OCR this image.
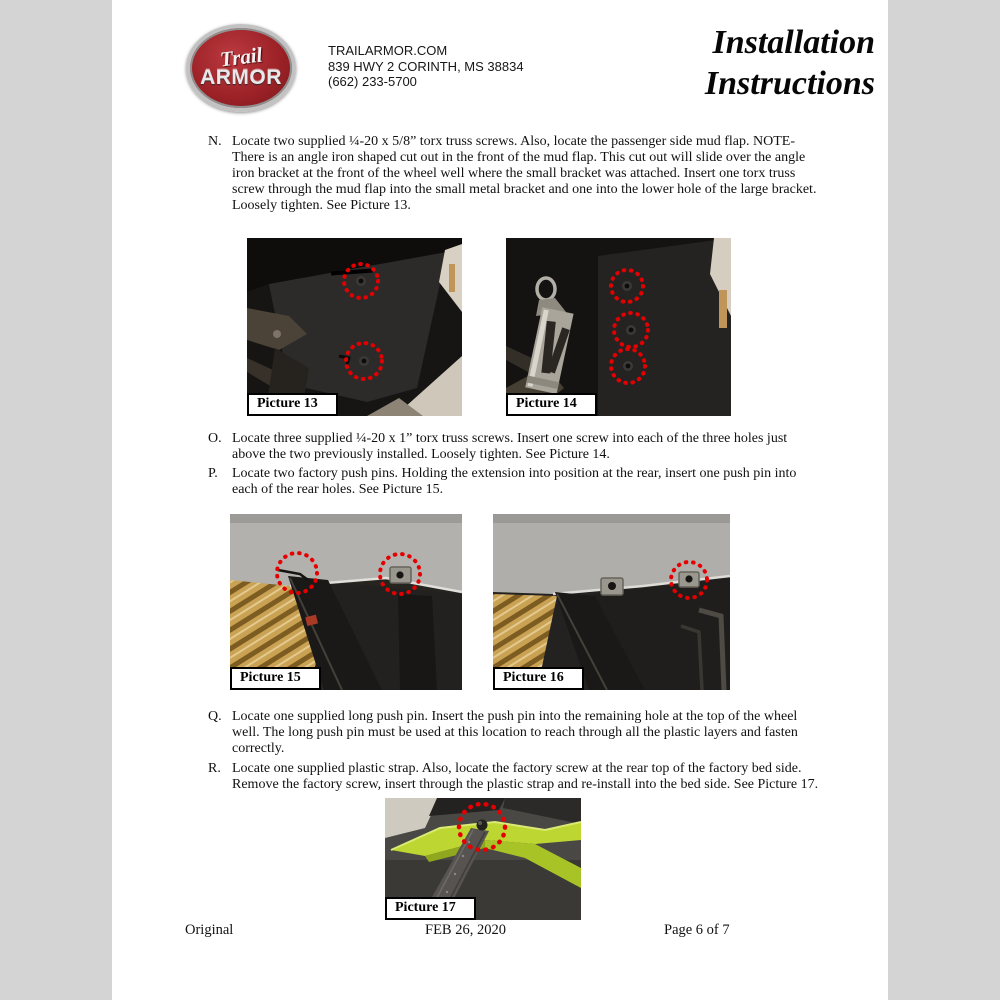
Trail
ARMOR
TRAILARMOR.COM
839 HWY 2 CORINTH, MS 38834
(662) 233-5700
Installation
Instructions
N. Locate two supplied ¼-20 x 5/8” torx truss screws. Also, locate the passenger side mud flap. NOTE- There is an angle iron shaped cut out in the front of the mud flap. This cut out will slide over the angle iron bracket at the front of the wheel well where the small bracket was attached. Insert one torx truss screw through the mud flap into the small metal bracket and one into the lower hole of the large bracket. Loosely tighten. See Picture 13.
O. Locate three supplied ¼-20 x 1” torx truss screws. Insert one screw into each of the three holes just above the two previously installed. Loosely tighten. See Picture 14.
P.	Locate two factory push pins. Holding the extension into position at the rear, insert one push pin into each of the rear holes. See Picture 15.
Q. Locate one supplied long push pin. Insert the push pin into the remaining hole at the top of the wheel well. The long push pin must be used at this location to reach through all the plastic layers and fasten correctly.
R. Locate one supplied plastic strap. Also, locate the factory screw at the rear top of the factory bed side. Remove the factory screw, insert through the plastic strap and re-install into the bed side. See Picture 17.
Picture 13	Picture 14
Picture 15	Picture 16
Picture 17
Original	FEB 26, 2020	Page 6 of 7
